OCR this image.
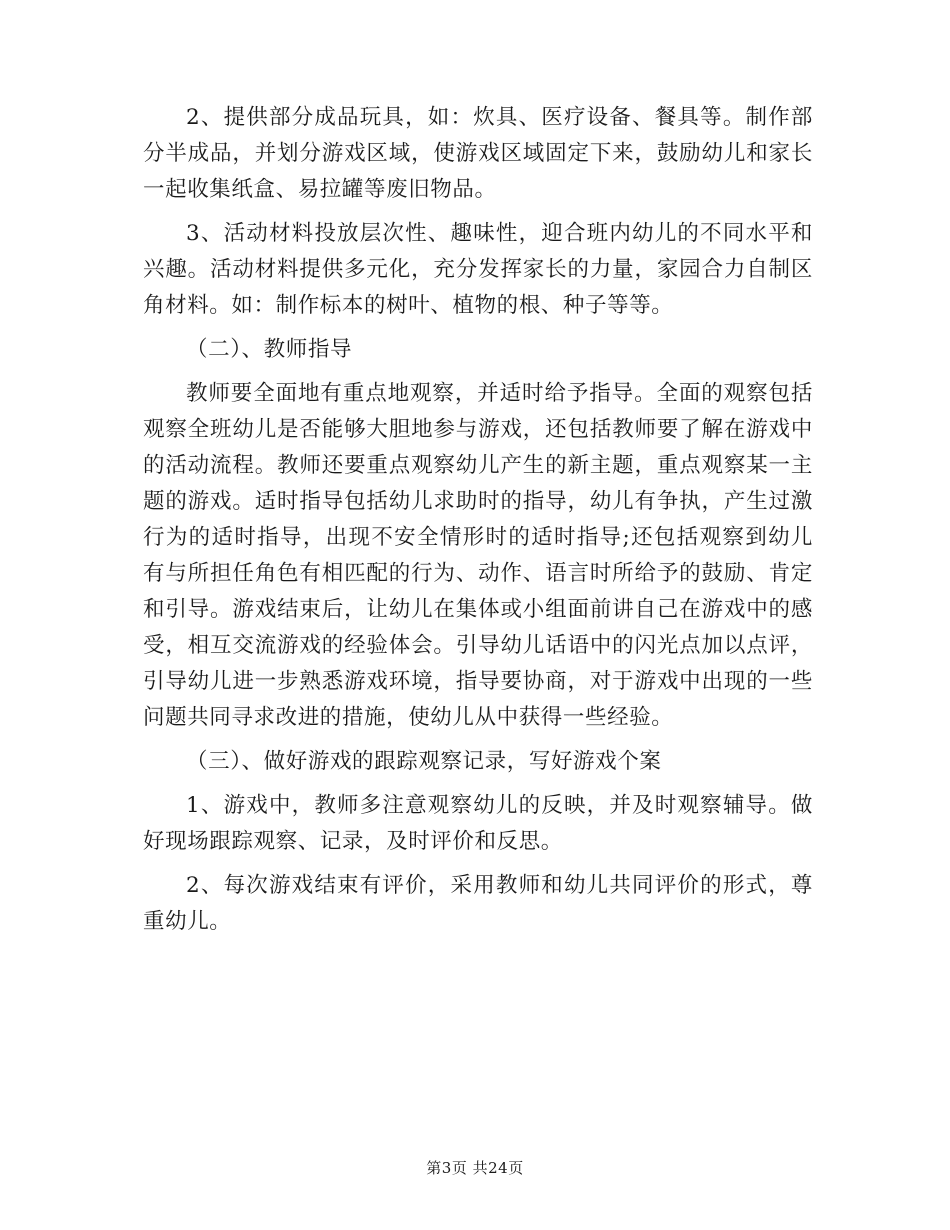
2、提供部分成品玩具，如：炊具、医疗设备、餐具等。制作部分半成品，并划分游戏区域，使游戏区域固定下来，鼓励幼儿和家长一起收集纸盒、易拉罐等废旧物品。

3、活动材料投放层次性、趣味性，迎合班内幼儿的不同水平和兴趣。活动材料提供多元化，充分发挥家长的力量，家园合力自制区角材料。如：制作标本的树叶、植物的根、种子等等。

（二）、教师指导

教师要全面地有重点地观察，并适时给予指导。全面的观察包括观察全班幼儿是否能够大胆地参与游戏，还包括教师要了解在游戏中的活动流程。教师还要重点观察幼儿产生的新主题，重点观察某一主题的游戏。适时指导包括幼儿求助时的指导，幼儿有争执，产生过激行为的适时指导，出现不安全情形时的适时指导;还包括观察到幼儿有与所担任角色有相匹配的行为、动作、语言时所给予的鼓励、肯定和引导。游戏结束后，让幼儿在集体或小组面前讲自己在游戏中的感受，相互交流游戏的经验体会。引导幼儿话语中的闪光点加以点评，引导幼儿进一步熟悉游戏环境，指导要协商，对于游戏中出现的一些问题共同寻求改进的措施，使幼儿从中获得一些经验。

（三）、做好游戏的跟踪观察记录，写好游戏个案

1、游戏中，教师多注意观察幼儿的反映，并及时观察辅导。做好现场跟踪观察、记录，及时评价和反思。

2、每次游戏结束有评价，采用教师和幼儿共同评价的形式，尊重幼儿。

第3页 共24页
